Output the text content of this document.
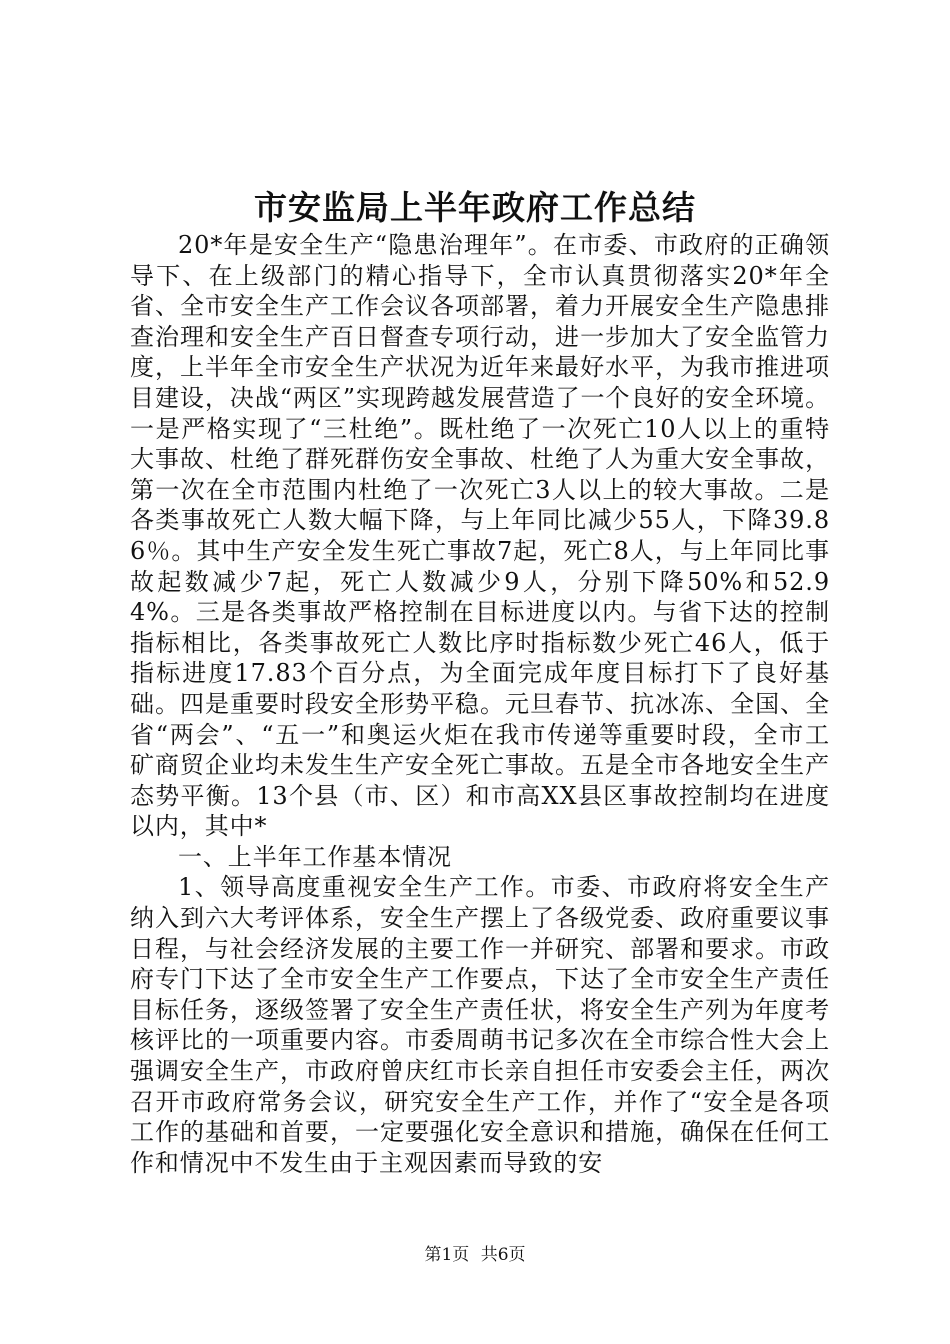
市安监局上半年政府工作总结

20*年是安全生产“隐患治理年”。在市委、市政府的正确领导下、在上级部门的精心指导下，全市认真贯彻落实20*年全省、全市安全生产工作会议各项部署，着力开展安全生产隐患排查治理和安全生产百日督查专项行动，进一步加大了安全监管力度，上半年全市安全生产状况为近年来最好水平，为我市推进项目建设，决战“两区”实现跨越发展营造了一个良好的安全环境。一是严格实现了“三杜绝”。既杜绝了一次死亡10人以上的重特大事故、杜绝了群死群伤安全事故、杜绝了人为重大安全事故，第一次在全市范围内杜绝了一次死亡3人以上的较大事故。二是各类事故死亡人数大幅下降，与上年同比减少55人，下降39.86％。其中生产安全发生死亡事故7起，死亡8人，与上年同比事故起数减少7起，死亡人数减少9人，分别下降50%和52.94%。三是各类事故严格控制在目标进度以内。与省下达的控制指标相比，各类事故死亡人数比序时指标数少死亡46人，低于指标进度17.83个百分点，为全面完成年度目标打下了良好基础。四是重要时段安全形势平稳。元旦春节、抗冰冻、全国、全省“两会”、“五一”和奥运火炬在我市传递等重要时段，全市工矿商贸企业均未发生生产安全死亡事故。五是全市各地安全生产态势平衡。13个县（市、区）和市高XX县区事故控制均在进度以内，其中*

一、上半年工作基本情况

1、领导高度重视安全生产工作。市委、市政府将安全生产纳入到六大考评体系，安全生产摆上了各级党委、政府重要议事日程，与社会经济发展的主要工作一并研究、部署和要求。市政府专门下达了全市安全生产工作要点，下达了全市安全生产责任目标任务，逐级签署了安全生产责任状，将安全生产列为年度考核评比的一项重要内容。市委周萌书记多次在全市综合性大会上强调安全生产，市政府曾庆红市长亲自担任市安委会主任，两次召开市政府常务会议，研究安全生产工作，并作了“安全是各项工作的基础和首要，一定要强化安全意识和措施，确保在任何工作和情况中不发生由于主观因素而导致的安

第1页 共6页
